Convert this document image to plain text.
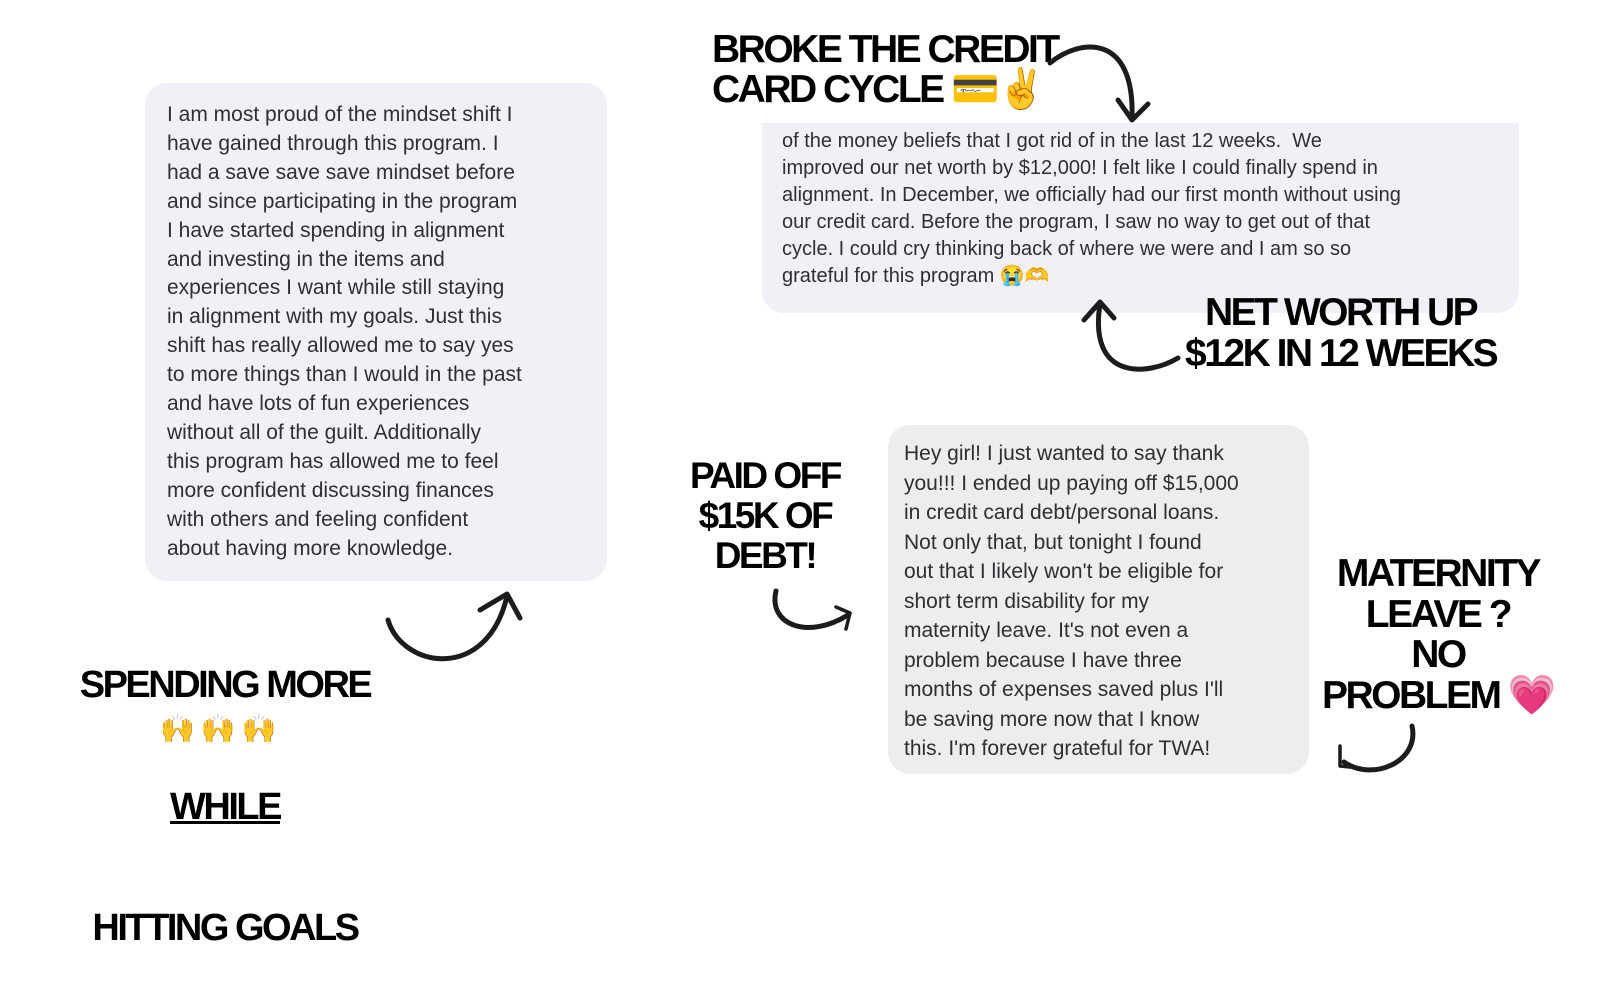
I am most proud of the mindset shift I
have gained through this program. I
had a save save save mindset before
and since participating in the program
I have started spending in alignment
and investing in the items and
experiences I want while still staying
in alignment with my goals. Just this
shift has really allowed me to say yes
to more things than I would in the past
and have lots of fun experiences
without all of the guilt. Additionally
this program has allowed me to feel
more confident discussing finances
with others and feeling confident
about having more knowledge.
of the money beliefs that I got rid of in the last 12 weeks.  We
improved our net worth by $12,000! I felt like I could finally spend in
alignment. In December, we officially had our first month without using
our credit card. Before the program, I saw no way to get out of that
cycle. I could cry thinking back of where we were and I am so so
grateful for this program 😭🫶
Hey girl! I just wanted to say thank
you!!! I ended up paying off $15,000
in credit card debt/personal loans.
Not only that, but tonight I found
out that I likely won't be eligible for
short term disability for my
maternity leave. It's not even a
problem because I have three
months of expenses saved plus I'll
be saving more now that I know
this. I'm forever grateful for TWA!
BROKE THE CREDIT
CARD CYCLE 💳✌️
NET WORTH UP
$12K IN 12 WEEKS
PAID OFF
$15K OF
DEBT!	MATERNITY
LEAVE ?
NO
PROBLEM 💗

SPENDING MORE

WHILE

HITTING GOALS

🙌🙌🙌
